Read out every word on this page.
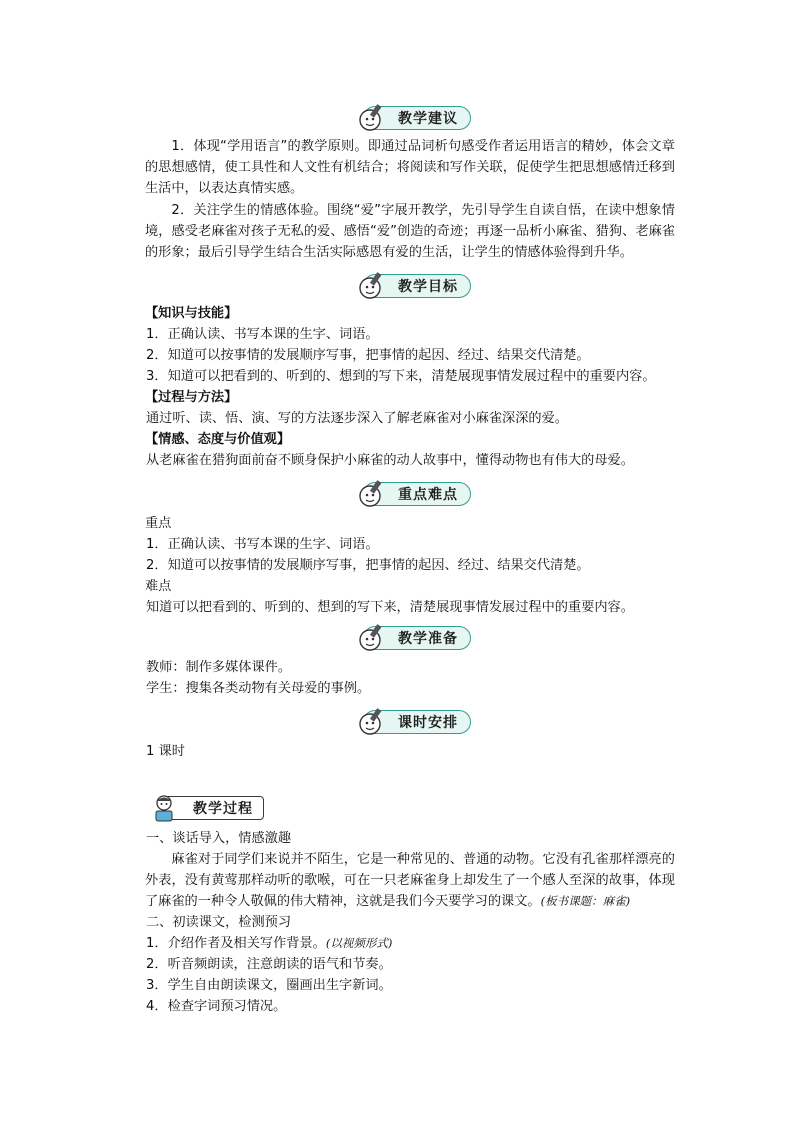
教学建议

1．体现“学用语言”的教学原则。即通过品词析句感受作者运用语言的精妙，体会文章的思想感情，使工具性和人文性有机结合；将阅读和写作关联，促使学生把思想感情迁移到生活中，以表达真情实感。

2．关注学生的情感体验。围绕“爱”字展开教学，先引导学生自读自悟，在读中想象情境，感受老麻雀对孩子无私的爱、感悟“爱”创造的奇迹；再逐一品析小麻雀、猎狗、老麻雀的形象；最后引导学生结合生活实际感恩有爱的生活，让学生的情感体验得到升华。

教学目标
【知识与技能】
1．正确认读、书写本课的生字、词语。
2．知道可以按事情的发展顺序写事，把事情的起因、经过、结果交代清楚。
3．知道可以把看到的、听到的、想到的写下来，清楚展现事情发展过程中的重要内容。
【过程与方法】
通过听、读、悟、演、写的方法逐步深入了解老麻雀对小麻雀深深的爱。
【情感、态度与价值观】
从老麻雀在猎狗面前奋不顾身保护小麻雀的动人故事中，懂得动物也有伟大的母爱。
重点难点
重点
1．正确认读、书写本课的生字、词语。
2．知道可以按事情的发展顺序写事，把事情的起因、经过、结果交代清楚。
难点
知道可以把看到的、听到的、想到的写下来，清楚展现事情发展过程中的重要内容。
教学准备
教师：制作多媒体课件。
学生：搜集各类动物有关母爱的事例。
课时安排
1 课时
教学过程
一、谈话导入，情感激趣

麻雀对于同学们来说并不陌生，它是一种常见的、普通的动物。它没有孔雀那样漂亮的外表，没有黄莺那样动听的歌喉，可在一只老麻雀身上却发生了一个感人至深的故事，体现了麻雀的一种令人敬佩的伟大精神，这就是我们今天要学习的课文。(板书课题：麻雀)

二、初读课文，检测预习
1．介绍作者及相关写作背景。(以视频形式)
2．听音频朗读，注意朗读的语气和节奏。
3．学生自由朗读课文，圈画出生字新词。
4．检查字词预习情况。
